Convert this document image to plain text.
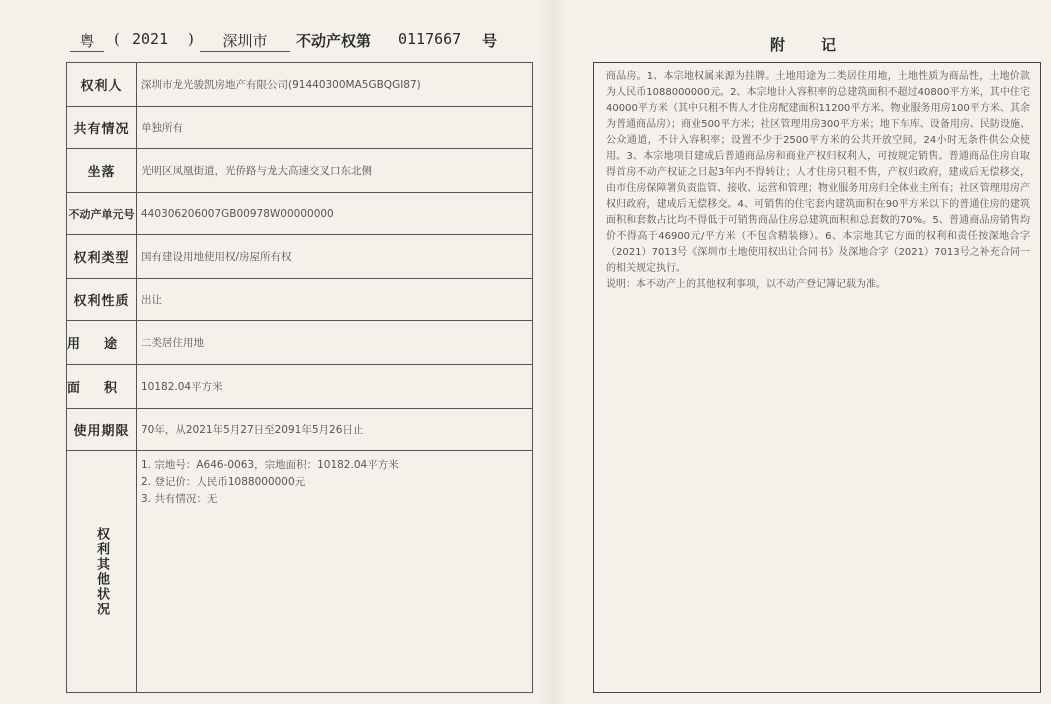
粤	( 2021 )	深圳市	不动产权第 0117667 号
权利人	深圳市龙光骏凯房地产有限公司(91440300MA5GBQGI87)
共有情况	单独所有
坐落	光明区凤凰街道，光侨路与龙大高速交叉口东北侧
不动产单元号	440306206007GB00978W00000000
权利类型	国有建设用地使用权/房屋所有权
权利性质	出让
用途	二类居住用地
面积	10182.04平方米
使用期限	70年，从2021年5月27日至2091年5月26日止
权利其他状况	1. 宗地号：A646-0063，宗地面积：10182.04平方米
2. 登记价：人民币1088000000元
3. 共有情况：无
附记

商品房。1、本宗地权属来源为挂牌。土地用途为二类居住用地，土地性质为商品性，土地价款为人民币1088000000元。2、本宗地计入容积率的总建筑面积不超过40800平方米，其中住宅40000平方米（其中只租不售人才住房配建面积11200平方米、物业服务用房100平方米、其余为普通商品房）；商业500平方米；社区管理用房300平方米；地下车库、设备用房、民防设施、公众通道，不计入容积率；设置不少于2500平方米的公共开放空间，24小时无条件供公众使用。3、本宗地项目建成后普通商品房和商业产权归权利人，可按规定销售。普通商品住房自取得首房不动产权证之日起3年内不得转让；人才住房只租不售，产权归政府，建成后无偿移交，由市住房保障署负责监管、接收、运营和管理；物业服务用房归全体业主所有；社区管理用房产权归政府，建成后无偿移交。4、可销售的住宅套内建筑面积在90平方米以下的普通住房的建筑面积和套数占比均不得低于可销售商品住房总建筑面积和总套数的70%。5、普通商品房销售均价不得高于46900元/平方米（不包含精装修）。6、本宗地其它方面的权利和责任按深地合字（2021）7013号《深圳市土地使用权出让合同书》及深地合字（2021）7013号之补充合同一的相关规定执行。

说明：本不动产上的其他权利事项，以不动产登记簿记载为准。
